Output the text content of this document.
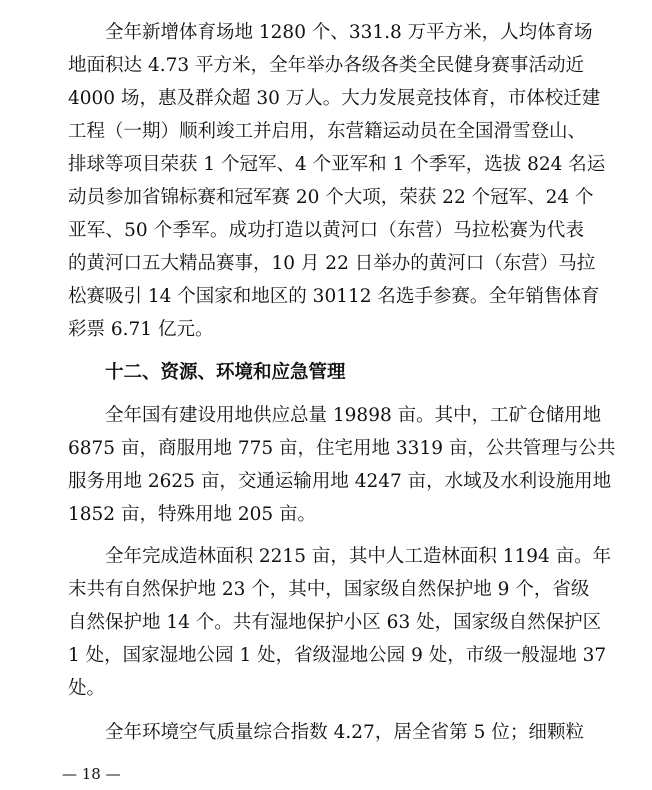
全年新增体育场地 1280 个、331.8 万平方米，人均体育场
地面积达 4.73 平方米，全年举办各级各类全民健身赛事活动近
4000 场，惠及群众超 30 万人。大力发展竞技体育，市体校迁建
工程（一期）顺利竣工并启用，东营籍运动员在全国滑雪登山、
排球等项目荣获 1 个冠军、4 个亚军和 1 个季军，选拔 824 名运
动员参加省锦标赛和冠军赛 20 个大项，荣获 22 个冠军、24 个
亚军、50 个季军。成功打造以黄河口（东营）马拉松赛为代表
的黄河口五大精品赛事，10 月 22 日举办的黄河口（东营）马拉
松赛吸引 14 个国家和地区的 30112 名选手参赛。全年销售体育
彩票 6.71 亿元。
十二、资源、环境和应急管理
全年国有建设用地供应总量 19898 亩。其中，工矿仓储用地
6875 亩，商服用地 775 亩，住宅用地 3319 亩，公共管理与公共
服务用地 2625 亩，交通运输用地 4247 亩，水域及水利设施用地
1852 亩，特殊用地 205 亩。
全年完成造林面积 2215 亩，其中人工造林面积 1194 亩。年
末共有自然保护地 23 个，其中，国家级自然保护地 9 个，省级
自然保护地 14 个。共有湿地保护小区 63 处，国家级自然保护区
1 处，国家湿地公园 1 处，省级湿地公园 9 处，市级一般湿地 37
处。
全年环境空气质量综合指数 4.27，居全省第 5 位；细颗粒
— 18 —
